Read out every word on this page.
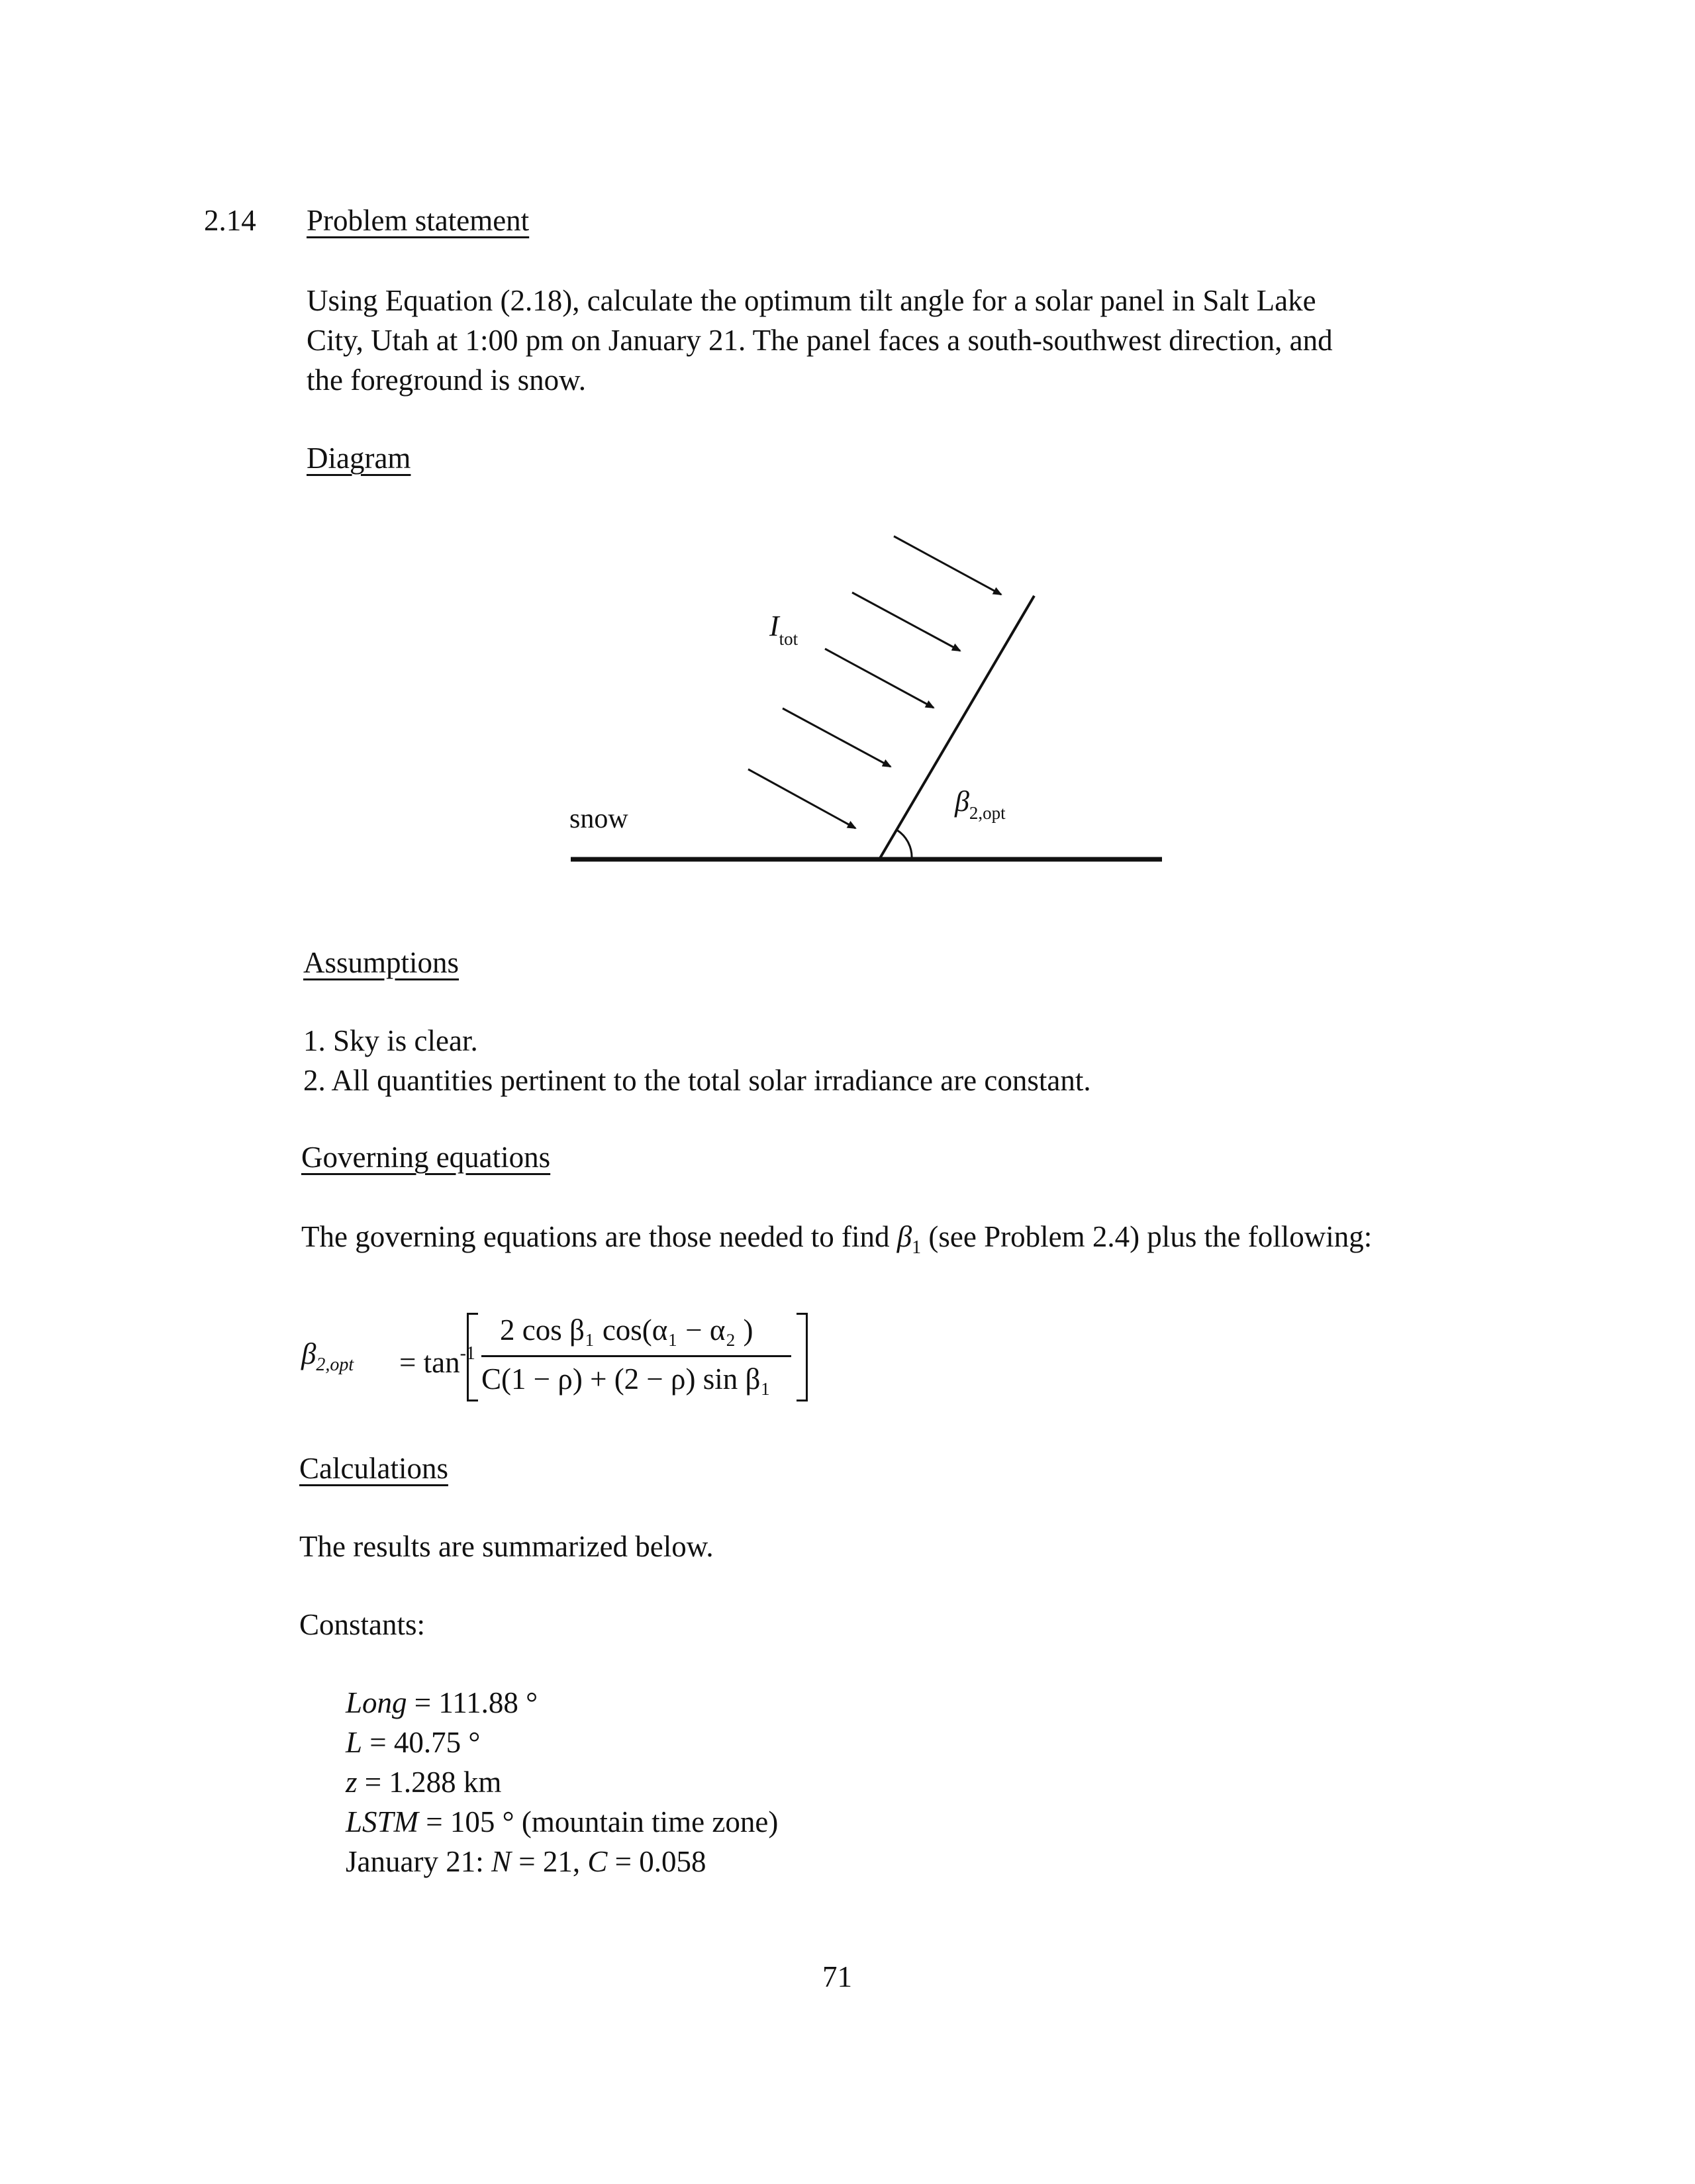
2.14 Problem statement
Using Equation (2.18), calculate the optimum tilt angle for a solar panel in Salt Lake
City, Utah at 1:00 pm on January 21. The panel faces a south-southwest direction, and
the foreground is snow.
Diagram
snow
$I_{tot}$
$\beta_{2,opt}$
Assumptions
1. Sky is clear.
2. All quantities pertinent to the total solar irradiance are constant.
Governing equations
The governing equations are those needed to find $\beta_1$ (see Problem 2.4) plus the following:
$\beta_{2,opt} = \tan^{-1}$
2 cos β₁ cos(α₁ − α₂ )
C(1 − ρ) + (2 − ρ) sin β₁
Calculations
The results are summarized below.
Constants:
Long = 111.88 °
L = 40.75 °
z = 1.288 km
LSTM = 105 ° (mountain time zone)
January 21: N = 21, C = 0.058
71
